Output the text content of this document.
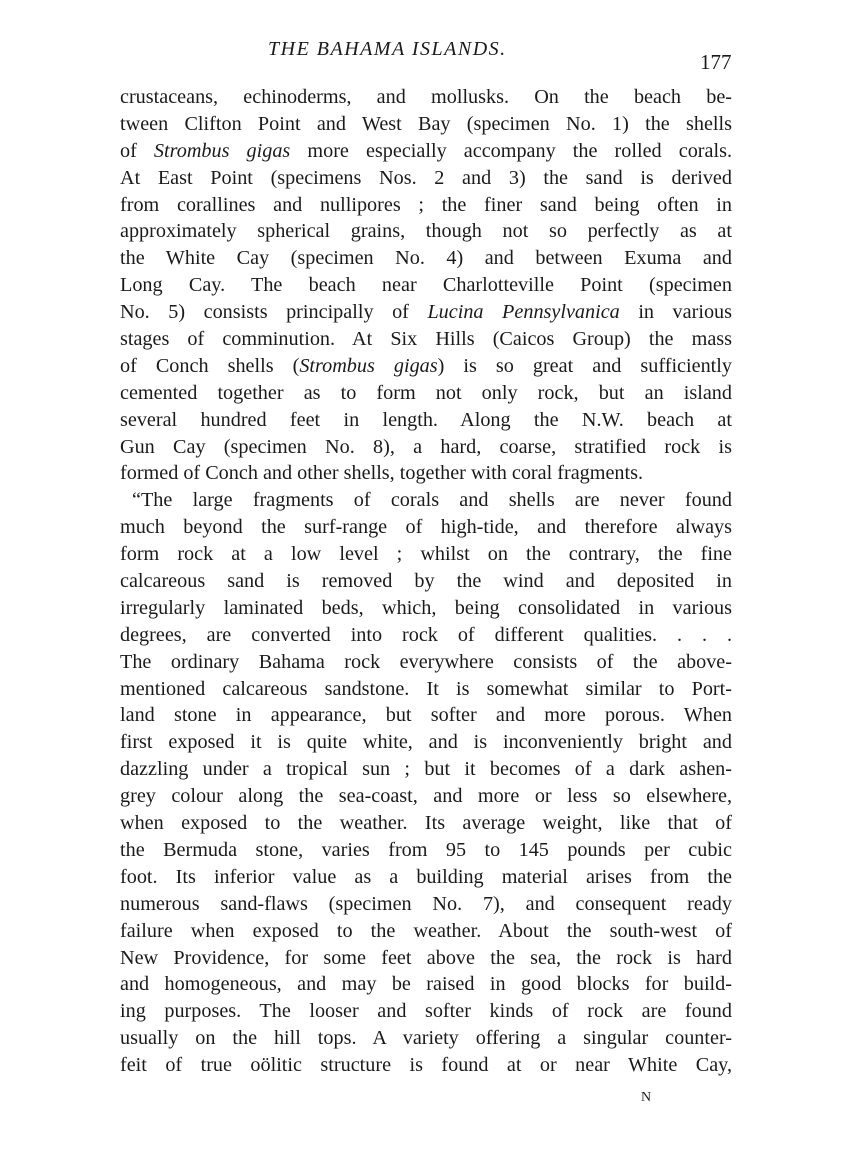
THE BAHAMA ISLANDS.
177
crustaceans, echinoderms, and mollusks. On the beach be-
tween Clifton Point and West Bay (specimen No. 1) the shells
of Strombus gigas more especially accompany the rolled corals.
At East Point (specimens Nos. 2 and 3) the sand is derived
from corallines and nullipores ; the finer sand being often in
approximately spherical grains, though not so perfectly as at
the White Cay (specimen No. 4) and between Exuma and
Long Cay. The beach near Charlotteville Point (specimen
No. 5) consists principally of Lucina Pennsylvanica in various
stages of comminution. At Six Hills (Caicos Group) the mass
of Conch shells (Strombus gigas) is so great and sufficiently
cemented together as to form not only rock, but an island
several hundred feet in length. Along the N.W. beach at
Gun Cay (specimen No. 8), a hard, coarse, stratified rock is
formed of Conch and other shells, together with coral fragments.
“The large fragments of corals and shells are never found
much beyond the surf-range of high-tide, and therefore always
form rock at a low level ; whilst on the contrary, the fine
calcareous sand is removed by the wind and deposited in
irregularly laminated beds, which, being consolidated in various
degrees, are converted into rock of different qualities. . . .
The ordinary Bahama rock everywhere consists of the above-
mentioned calcareous sandstone. It is somewhat similar to Port-
land stone in appearance, but softer and more porous. When
first exposed it is quite white, and is inconveniently bright and
dazzling under a tropical sun ; but it becomes of a dark ashen-
grey colour along the sea-coast, and more or less so elsewhere,
when exposed to the weather. Its average weight, like that of
the Bermuda stone, varies from 95 to 145 pounds per cubic
foot. Its inferior value as a building material arises from the
numerous sand-flaws (specimen No. 7), and consequent ready
failure when exposed to the weather. About the south-west of
New Providence, for some feet above the sea, the rock is hard
and homogeneous, and may be raised in good blocks for build-
ing purposes. The looser and softer kinds of rock are found
usually on the hill tops. A variety offering a singular counter-
feit of true oölitic structure is found at or near White Cay,
N
